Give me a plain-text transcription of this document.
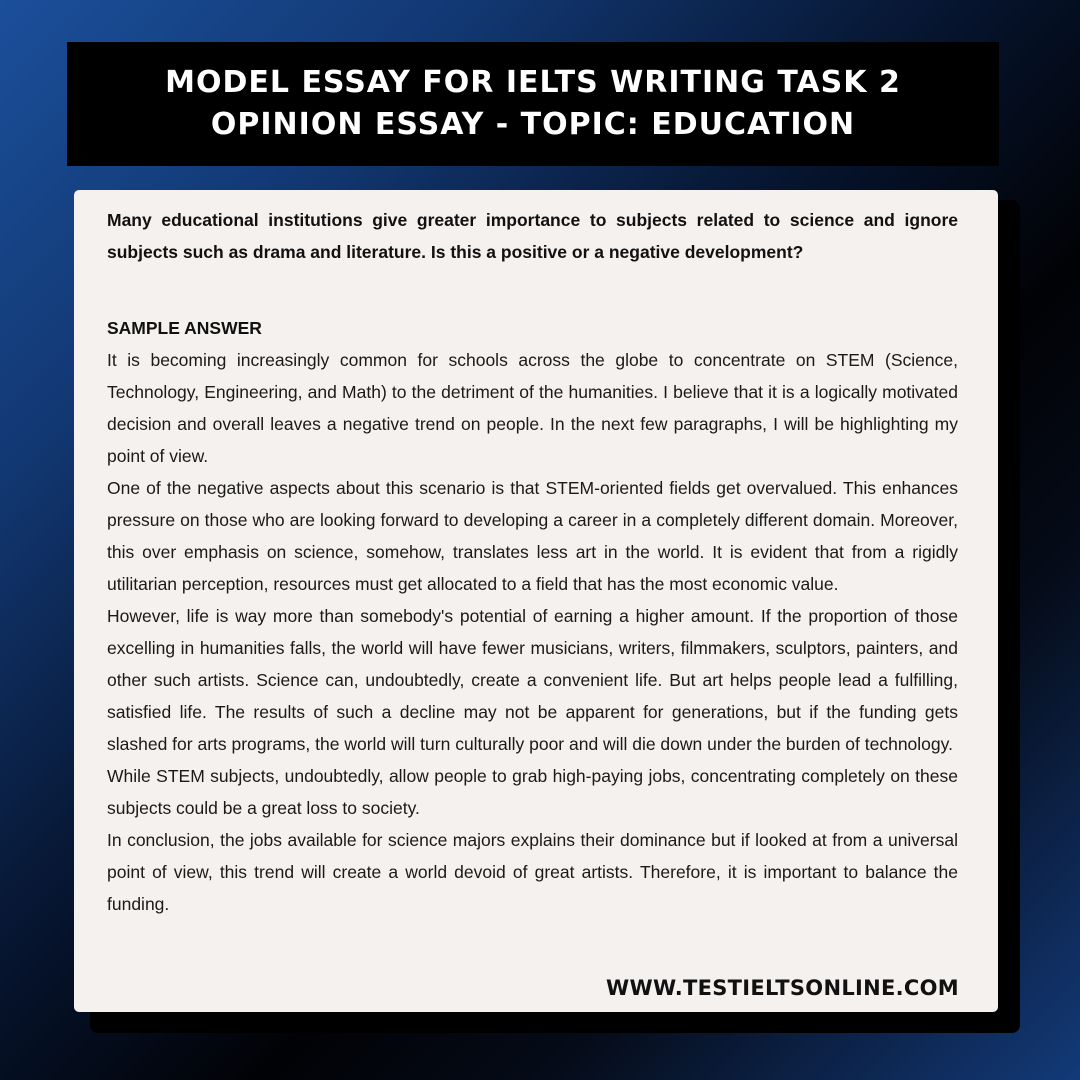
MODEL ESSAY FOR IELTS WRITING TASK 2
OPINION ESSAY - TOPIC: EDUCATION

Many educational institutions give greater importance to subjects related to science and ignore subjects such as drama and literature. Is this a positive or a negative development?

SAMPLE ANSWER

It is becoming increasingly common for schools across the globe to concentrate on STEM (Science, Technology, Engineering, and Math) to the detriment of the humanities. I believe that it is a logically motivated decision and overall leaves a negative trend on people. In the next few paragraphs, I will be highlighting my point of view.

One of the negative aspects about this scenario is that STEM-oriented fields get overvalued. This enhances pressure on those who are looking forward to developing a career in a completely different domain. Moreover, this over emphasis on science, somehow, translates less art in the world. It is evident that from a rigidly utilitarian perception, resources must get allocated to a field that has the most economic value.

However, life is way more than somebody's potential of earning a higher amount. If the proportion of those excelling in humanities falls, the world will have fewer musicians, writers, filmmakers, sculptors, painters, and other such artists. Science can, undoubtedly, create a convenient life. But art helps people lead a fulfilling, satisfied life. The results of such a decline may not be apparent for generations, but if the funding gets slashed for arts programs, the world will turn culturally poor and will die down under the burden of technology.

While STEM subjects, undoubtedly, allow people to grab high-paying jobs, concentrating completely on these subjects could be a great loss to society.

In conclusion, the jobs available for science majors explains their dominance but if looked at from a universal point of view, this trend will create a world devoid of great artists. Therefore, it is important to balance the funding.

WWW.TESTIELTSONLINE.COM
